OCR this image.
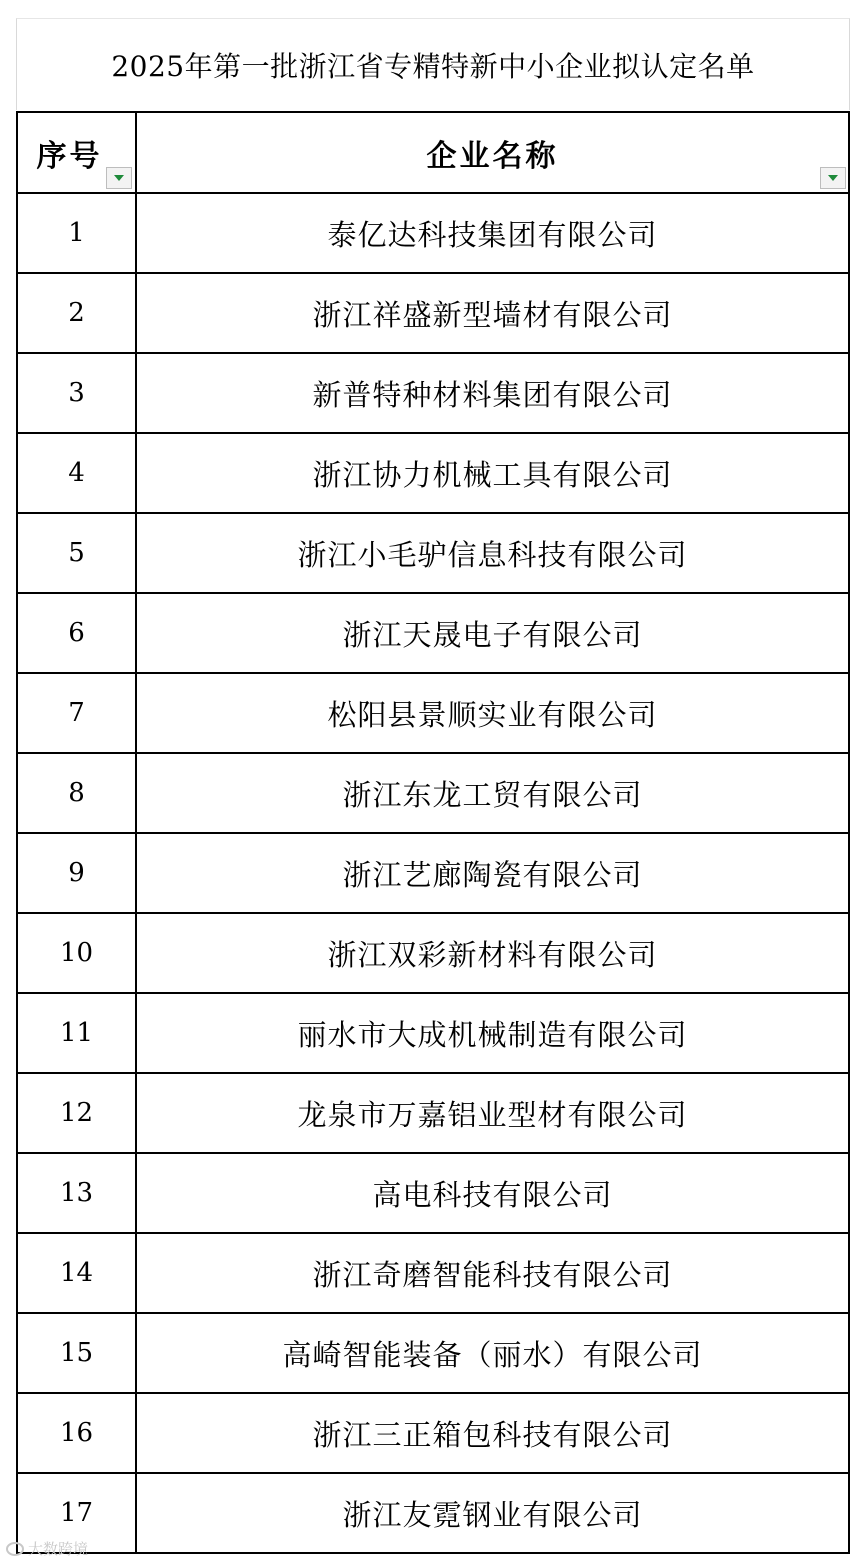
2025年第一批浙江省专精特新中小企业拟认定名单
序号	企业名称
1	泰亿达科技集团有限公司
2	浙江祥盛新型墙材有限公司
3	新普特种材料集团有限公司
4	浙江协力机械工具有限公司
5	浙江小毛驴信息科技有限公司
6	浙江天晟电子有限公司
7	松阳县景顺实业有限公司
8	浙江东龙工贸有限公司
9	浙江艺廊陶瓷有限公司
10	浙江双彩新材料有限公司
11	丽水市大成机械制造有限公司
12	龙泉市万嘉铝业型材有限公司
13	高电科技有限公司
14	浙江奇磨智能科技有限公司
15	高崎智能装备（丽水）有限公司
16	浙江三正箱包科技有限公司
17	浙江友霓钢业有限公司
大数跨境
